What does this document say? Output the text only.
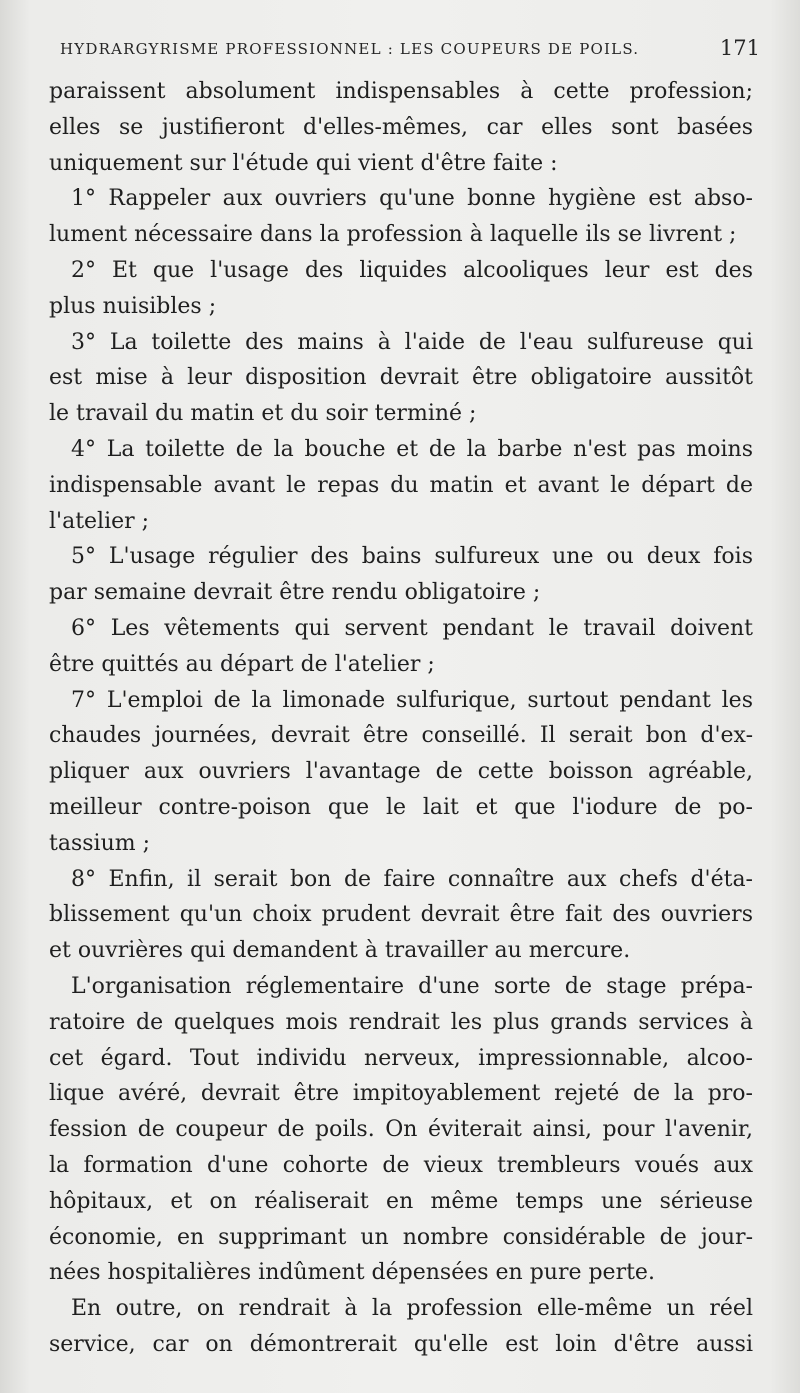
HYDRARGYRISME PROFESSIONNEL : LES COUPEURS DE POILS.	171
paraissent absolument indispensables à cette profession;
elles se justifieront d'elles-mêmes, car elles sont basées
uniquement sur l'étude qui vient d'être faite :
1° Rappeler aux ouvriers qu'une bonne hygiène est abso-
lument nécessaire dans la profession à laquelle ils se livrent ;
2° Et que l'usage des liquides alcooliques leur est des
plus nuisibles ;
3° La toilette des mains à l'aide de l'eau sulfureuse qui
est mise à leur disposition devrait être obligatoire aussitôt
le travail du matin et du soir terminé ;
4° La toilette de la bouche et de la barbe n'est pas moins
indispensable avant le repas du matin et avant le départ de
l'atelier ;
5° L'usage régulier des bains sulfureux une ou deux fois
par semaine devrait être rendu obligatoire ;
6° Les vêtements qui servent pendant le travail doivent
être quittés au départ de l'atelier ;
7° L'emploi de la limonade sulfurique, surtout pendant les
chaudes journées, devrait être conseillé. Il serait bon d'ex-
pliquer aux ouvriers l'avantage de cette boisson agréable,
meilleur contre-poison que le lait et que l'iodure de po-
tassium ;
8° Enfin, il serait bon de faire connaître aux chefs d'éta-
blissement qu'un choix prudent devrait être fait des ouvriers
et ouvrières qui demandent à travailler au mercure.
L'organisation réglementaire d'une sorte de stage prépa-
ratoire de quelques mois rendrait les plus grands services à
cet égard. Tout individu nerveux, impressionnable, alcoo-
lique avéré, devrait être impitoyablement rejeté de la pro-
fession de coupeur de poils. On éviterait ainsi, pour l'avenir,
la formation d'une cohorte de vieux trembleurs voués aux
hôpitaux, et on réaliserait en même temps une sérieuse
économie, en supprimant un nombre considérable de jour-
nées hospitalières indûment dépensées en pure perte.
En outre, on rendrait à la profession elle-même un réel
service, car on démontrerait qu'elle est loin d'être aussi
